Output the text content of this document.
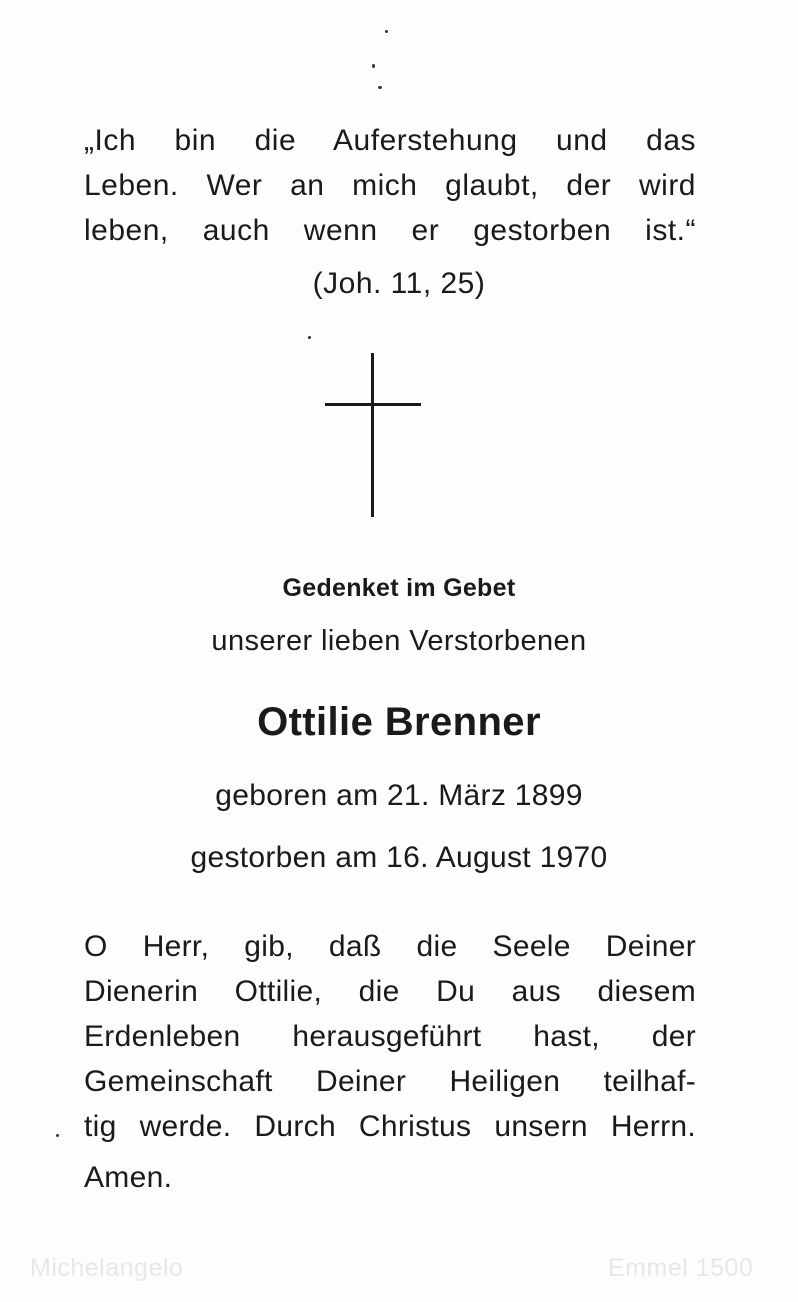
„Ich bin die Auferstehung und das
Leben. Wer an mich glaubt, der wird
leben, auch wenn er gestorben ist.“
(Joh. 11, 25)
Gedenket im Gebet
unserer lieben Verstorbenen
Ottilie Brenner
geboren am 21. März 1899
gestorben am 16. August 1970
O Herr, gib, daß die Seele Deiner
Dienerin Ottilie, die Du aus diesem
Erdenleben herausgeführt hast, der
Gemeinschaft Deiner Heiligen teilhaf-
tig werde. Durch Christus unsern Herrn.
Amen.
Michelangelo	Emmel 1500
